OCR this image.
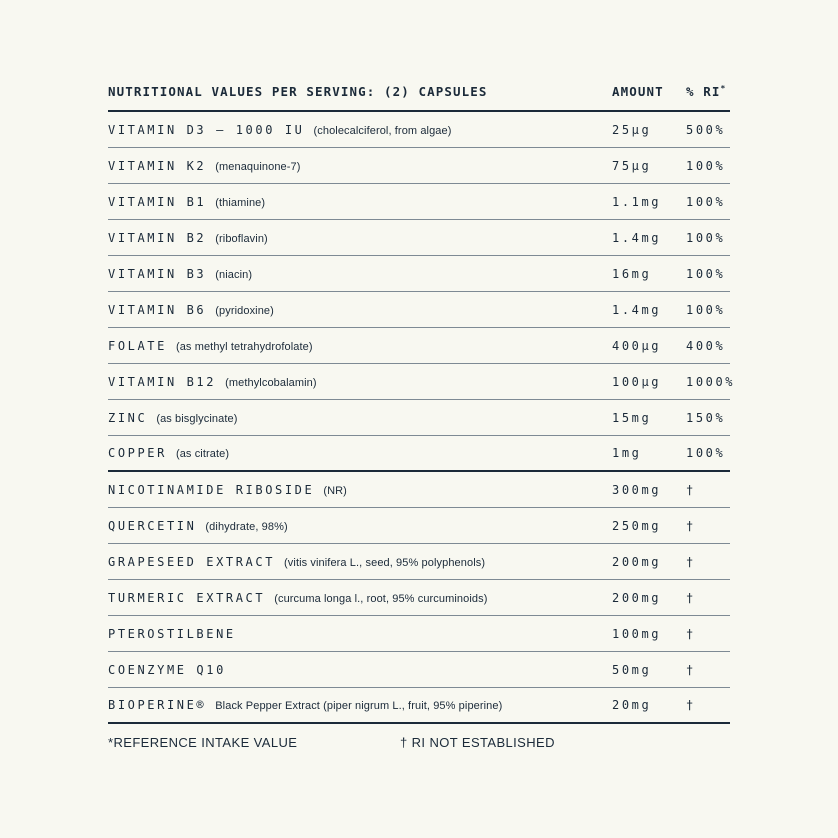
NUTRITIONAL VALUES PER SERVING: (2) CAPSULES	AMOUNT	% RI*
VITAMIN D3 – 1000 IU (cholecalciferol, from algae)	25µg	500%
VITAMIN K2 (menaquinone-7)	75µg	100%
VITAMIN B1 (thiamine)	1.1mg	100%
VITAMIN B2 (riboflavin)	1.4mg	100%
VITAMIN B3 (niacin)	16mg	100%
VITAMIN B6 (pyridoxine)	1.4mg	100%
FOLATE (as methyl tetrahydrofolate)	400µg	400%
VITAMIN B12 (methylcobalamin)	100µg	1000%
ZINC (as bisglycinate)	15mg	150%
COPPER (as citrate)	1mg	100%
NICOTINAMIDE RIBOSIDE (NR)	300mg	†
QUERCETIN (dihydrate, 98%)	250mg	†
GRAPESEED EXTRACT (vitis vinifera L., seed, 95% polyphenols)	200mg	†
TURMERIC EXTRACT (curcuma longa l., root, 95% curcuminoids)	200mg	†
PTEROSTILBENE	100mg	†
COENZYME Q10	50mg	†
BIOPERINE® Black Pepper Extract (piper nigrum L., fruit, 95% piperine)	20mg	†
*REFERENCE INTAKE VALUE	† RI NOT ESTABLISHED
